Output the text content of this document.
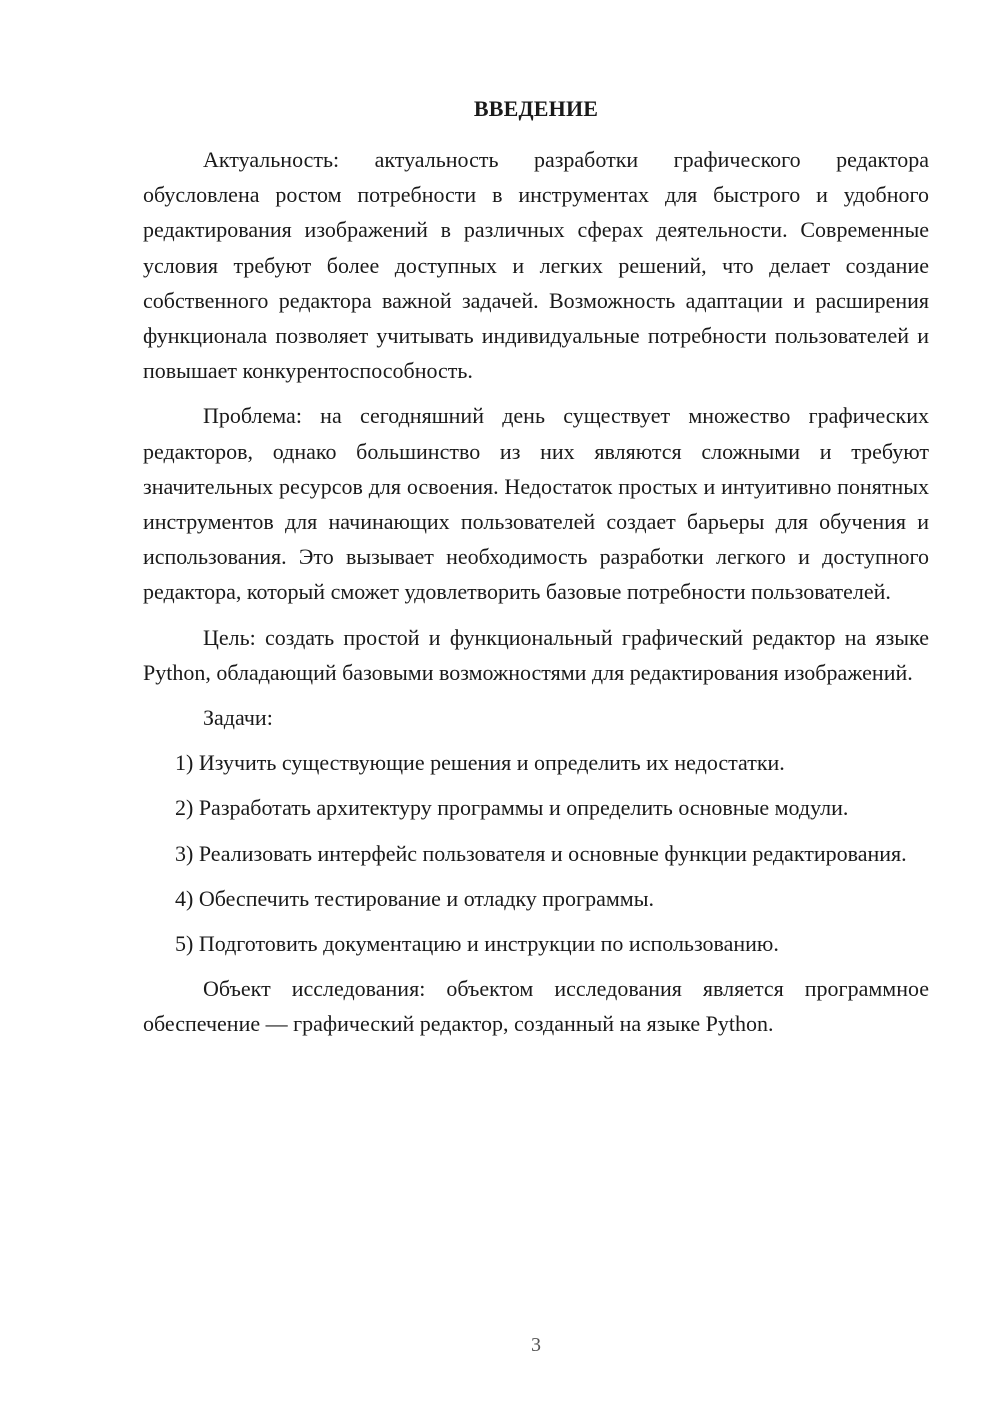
ВВЕДЕНИЕ

Актуальность: актуальность разработки графического редактора обусловлена ростом потребности в инструментах для быстрого и удобного редактирования изображений в различных сферах деятельности. Современные условия требуют более доступных и легких решений, что делает создание собственного редактора важной задачей. Возможность адаптации и расширения функционала позволяет учитывать индивидуальные потребности пользователей и повышает конкурентоспособность.

Проблема: на сегодняшний день существует множество графических редакторов, однако большинство из них являются сложными и требуют значительных ресурсов для освоения. Недостаток простых и интуитивно понятных инструментов для начинающих пользователей создает барьеры для обучения и использования. Это вызывает необходимость разработки легкого и доступного редактора, который сможет удовлетворить базовые потребности пользователей.

Цель: создать простой и функциональный графический редактор на языке Python, обладающий базовыми возможностями для редактирования изображений.

Задачи:

1) Изучить существующие решения и определить их недостатки.

2) Разработать архитектуру программы и определить основные модули.

3) Реализовать интерфейс пользователя и основные функции редактирования.

4) Обеспечить тестирование и отладку программы.

5) Подготовить документацию и инструкции по использованию.

Объект исследования: объектом исследования является программное обеспечение — графический редактор, созданный на языке Python.

3
